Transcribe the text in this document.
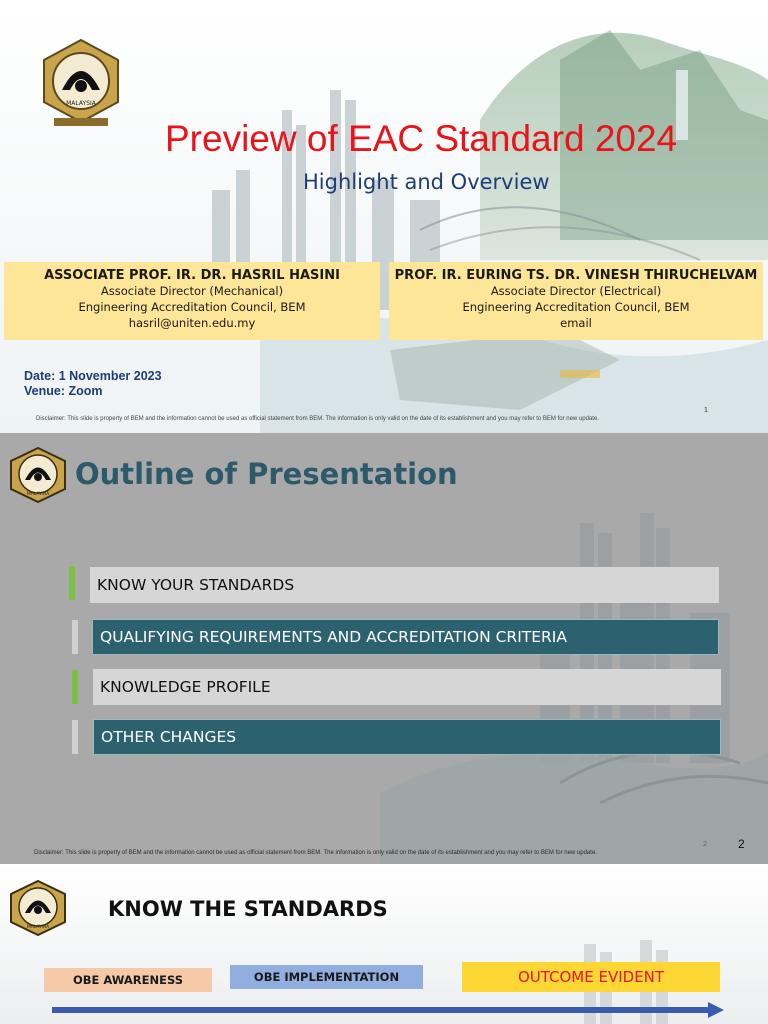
MALAYSIA
Preview of EAC Standard 2024
Highlight and Overview
ASSOCIATE PROF. IR. DR. HASRIL HASINI
Associate Director (Mechanical)
Engineering Accreditation Council, BEM
hasril@uniten.edu.my
PROF. IR. EURING TS. DR. VINESH THIRUCHELVAM
Associate Director (Electrical)
Engineering Accreditation Council, BEM
email
Date: 1 November 2023
Venue: Zoom
1
Disclaimer: This slide is property of BEM and the information cannot be used as official statement from BEM. The information is only valid on the date of its establishment and you may refer to BEM for new update.
MALAYSIA
Outline of Presentation
KNOW YOUR STANDARDS
QUALIFYING REQUIREMENTS AND ACCREDITATION CRITERIA
KNOWLEDGE PROFILE
OTHER CHANGES
2	2
Disclaimer: This slide is property of BEM and the information cannot be used as official statement from BEM. The information is only valid on the date of its establishment and you may refer to BEM for new update.
MALAYSIA
KNOW THE STANDARDS
OBE AWARENESS	OBE IMPLEMENTATION	OUTCOME EVIDENT
